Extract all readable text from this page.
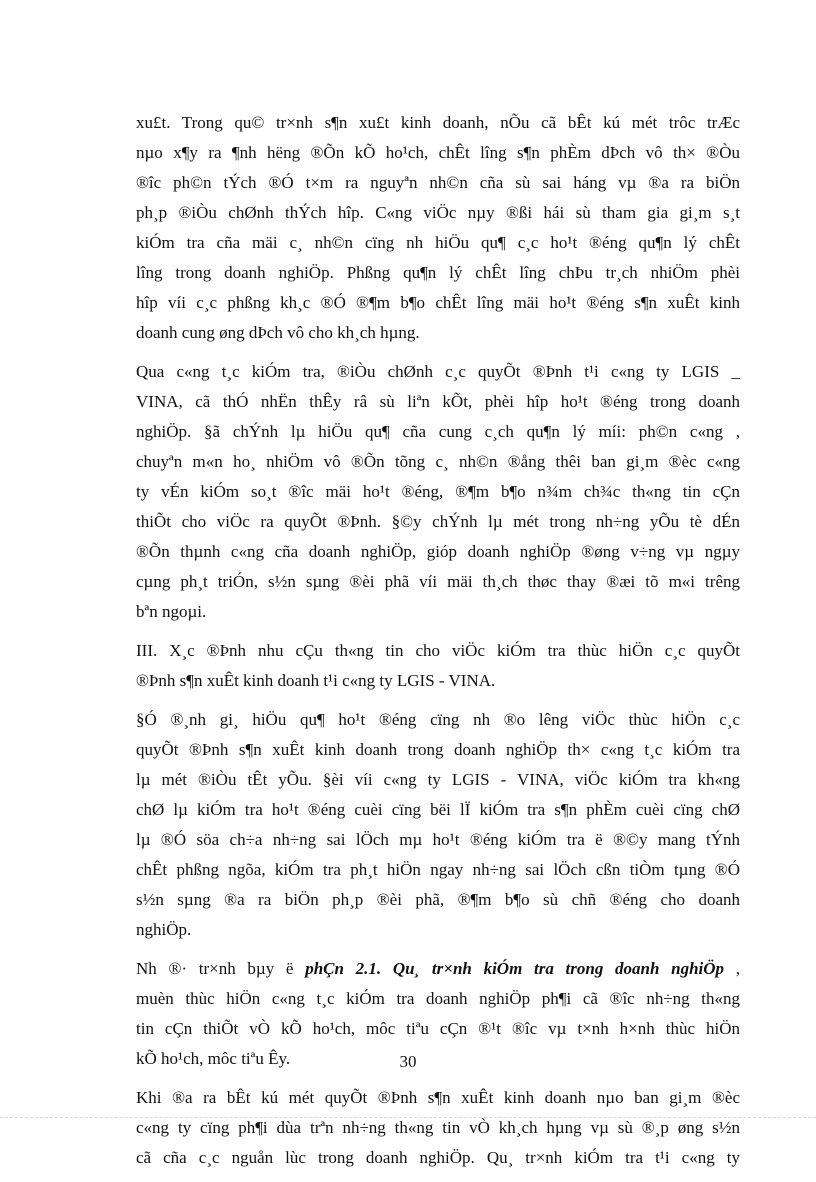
xu£t. Trong qu© tr×nh s¶n xu£t kinh doanh, nÕu cã bÊt kú mét trôc trÆc
nµo x¶y ra ¶nh hëng ®Õn kÕ ho¹ch, chÊt lîng s¶n phÈm dÞch vô th× ®Òu
®îc ph©n tÝch ®Ó t×m ra nguyªn nh©n cña sù sai háng vµ ®a ra biÖn
ph¸p ®iÒu chØnh thÝch hîp. C«ng viÖc nµy ®ßi hái sù tham gia gi¸m s¸t
kiÓm tra cña mäi c¸ nh©n cïng nh hiÖu qu¶ c¸c ho¹t ®éng qu¶n lý chÊt
lîng trong doanh nghiÖp. Phßng qu¶n lý chÊt lîng chÞu tr¸ch nhiÖm phèi
hîp víi c¸c phßng kh¸c ®Ó ®¶m b¶o chÊt lîng mäi ho¹t ®éng s¶n xuÊt kinh
doanh cung øng dÞch vô cho kh¸ch hµng.
Qua c«ng t¸c kiÓm tra, ®iÒu chØnh c¸c quyÕt ®Þnh t¹i c«ng ty LGIS _
VINA, cã thÓ nhËn thÊy râ sù liªn kÕt, phèi hîp ho¹t ®éng trong doanh
nghiÖp. §ã chÝnh lµ hiÖu qu¶ cña cung c¸ch qu¶n lý míi: ph©n c«ng ,
chuyªn m«n ho¸ nhiÖm vô ®Õn tõng c¸ nh©n ®ång thêi ban gi¸m ®èc c«ng
ty vÉn kiÓm so¸t ®îc mäi ho¹t ®éng, ®¶m b¶o n¾m ch¾c th«ng tin cÇn
thiÕt cho viÖc ra quyÕt ®Þnh. §©y chÝnh lµ mét trong nh÷ng yÕu tè dÉn
®Õn thµnh c«ng cña doanh nghiÖp, gióp doanh nghiÖp ®øng v÷ng vµ ngµy
cµng ph¸t triÓn, s½n sµng ®èi phã víi mäi th¸ch thøc thay ®æi tõ m«i trêng
bªn ngoµi.
III. X¸c ®Þnh nhu cÇu th«ng tin cho viÖc kiÓm tra thùc hiÖn c¸c quyÕt
®Þnh s¶n xuÊt kinh doanh t¹i c«ng ty LGIS - VINA.
§Ó ®¸nh gi¸ hiÖu qu¶ ho¹t ®éng cïng nh ®o lêng viÖc thùc hiÖn c¸c
quyÕt ®Þnh s¶n xuÊt kinh doanh trong doanh nghiÖp th× c«ng t¸c kiÓm tra
lµ mét ®iÒu tÊt yÕu. §èi víi c«ng ty LGIS - VINA, viÖc kiÓm tra kh«ng
chØ lµ kiÓm tra ho¹t ®éng cuèi cïng bëi lÏ kiÓm tra s¶n phÈm cuèi cïng chØ
lµ ®Ó söa ch÷a nh÷ng sai lÖch mµ ho¹t ®éng kiÓm tra ë ®©y mang tÝnh
chÊt phßng ngõa, kiÓm tra ph¸t hiÖn ngay nh÷ng sai lÖch cßn tiÒm tµng ®Ó
s½n sµng ®a ra biÖn ph¸p ®èi phã, ®¶m b¶o sù chñ ®éng cho doanh
nghiÖp.
Nh ®· tr×nh bµy ë phÇn 2.1. Qu¸ tr×nh kiÓm tra trong doanh nghiÖp ,
muèn thùc hiÖn c«ng t¸c kiÓm tra doanh nghiÖp ph¶i cã ®îc nh÷ng th«ng
tin cÇn thiÕt vÒ kÕ ho¹ch, môc tiªu cÇn ®¹t ®îc vµ t×nh h×nh thùc hiÖn
kÕ ho¹ch, môc tiªu Êy.
Khi ®a ra bÊt kú mét quyÕt ®Þnh s¶n xuÊt kinh doanh nµo ban gi¸m ®èc
c«ng ty cïng ph¶i dùa trªn nh÷ng th«ng tin vÒ kh¸ch hµng vµ sù ®¸p øng s½n
cã cña c¸c nguån lùc trong doanh nghiÖp. Qu¸ tr×nh kiÓm tra t¹i c«ng ty
30
